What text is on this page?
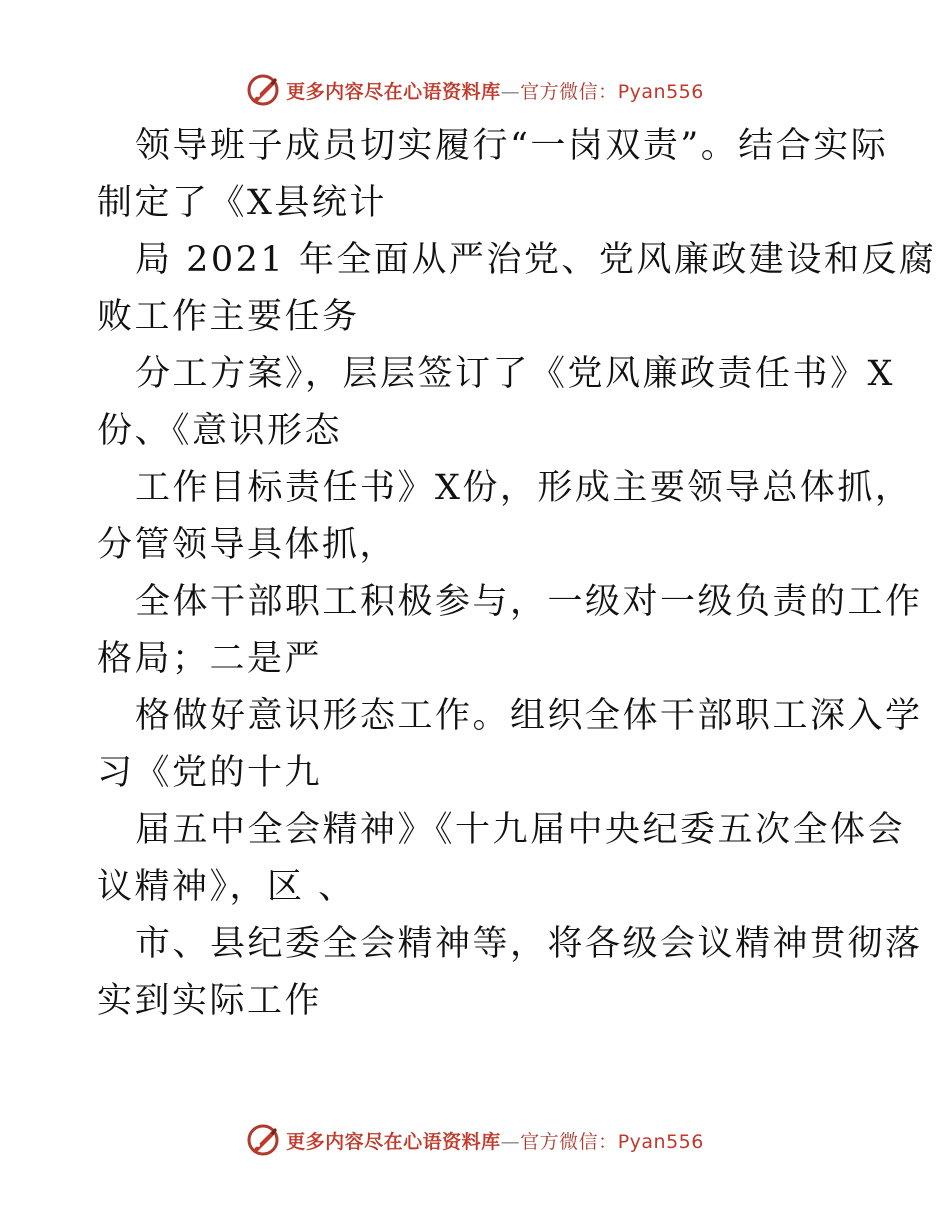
更多内容尽在心语资料库—官方微信：Pyan556
领导班子成员切实履行“一岗双责”。结合实际
制定了《X县统计
局 2021 年全面从严治党、党风廉政建设和反腐
败工作主要任务
分工方案》，层层签订了《党风廉政责任书》X
份、《意识形态
工作目标责任书》X份，形成主要领导总体抓，
分管领导具体抓，
全体干部职工积极参与，一级对一级负责的工作
格局；二是严
格做好意识形态工作。组织全体干部职工深入学
习《党的十九
届五中全会精神》《十九届中央纪委五次全体会
议精神》，区 、
市、县纪委全会精神等，将各级会议精神贯彻落
实到实际工作
更多内容尽在心语资料库—官方微信：Pyan556
